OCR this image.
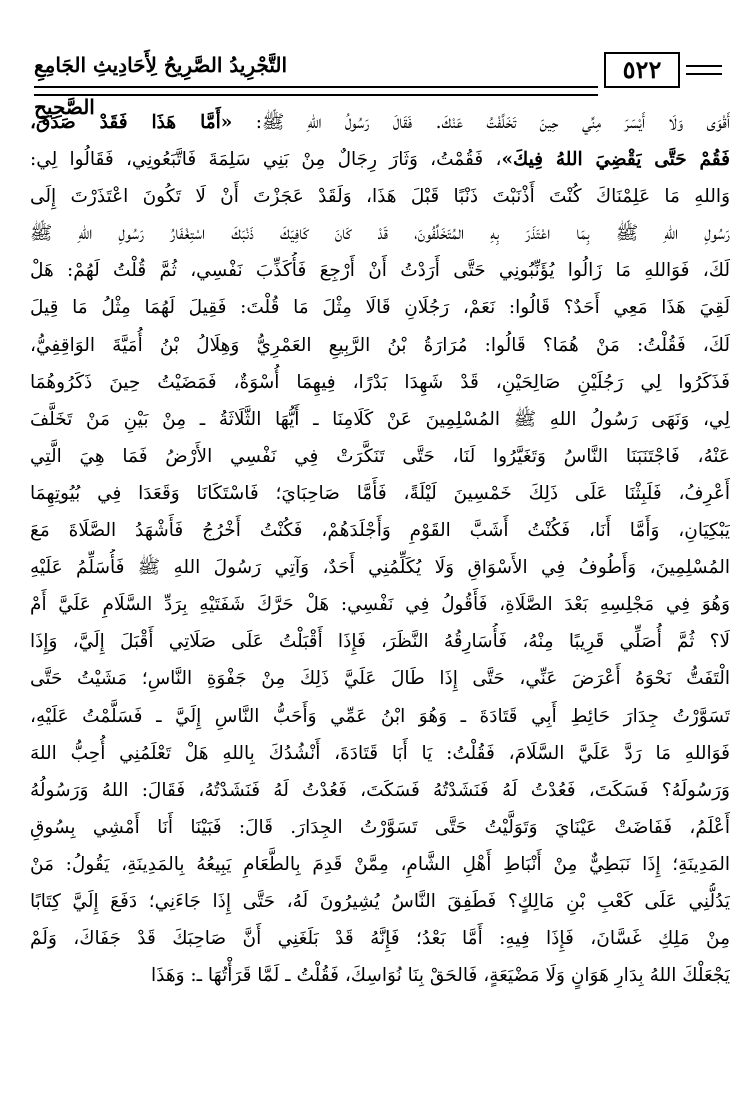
التَّجْرِيدُ الصَّرِيحُ لِأَحَادِيثِ الجَامِعِ الصَّحِيحِ
٥٢٢
أَقْوَى وَلَا أَيْسَرَ مِنِّي حِينَ تَخَلَّفْتُ عَنْكَ. فَقَالَ رَسُولُ اللهِ ﷺ: «أَمَّا هَذَا فَقَدْ صَدَقَ،
فَقُمْ حَتَّى يَقْضِيَ اللهُ فِيكَ»، فَقُمْتُ، وَثَارَ رِجَالٌ مِنْ بَنِي سَلِمَةَ فَاتَّبَعُونِي، فَقَالُوا لِي:
وَاللهِ مَا عَلِمْنَاكَ كُنْتَ أَذْنَبْتَ ذَنْبًا قَبْلَ هَذَا، وَلَقَدْ عَجَزْتَ أَنْ لَا تَكُونَ اعْتَذَرْتَ إِلَى
رَسُولِ اللهِ ﷺ بِمَا اعْتَذَرَ بِهِ المُتَخَلِّفُونَ، قَدْ كَانَ كَافِيَكَ ذَنْبَكَ اسْتِغْفَارُ رَسُولِ اللهِ ﷺ
لَكَ، فَوَاللهِ مَا زَالُوا يُؤَنِّبُونِي حَتَّى أَرَدْتُ أَنْ أَرْجِعَ فَأُكَذِّبَ نَفْسِي، ثُمَّ قُلْتُ لَهُمْ: هَلْ
لَقِيَ هَذَا مَعِي أَحَدٌ؟ قَالُوا: نَعَمْ، رَجُلَانِ قَالَا مِثْلَ مَا قُلْتَ: فَقِيلَ لَهُمَا مِثْلُ مَا قِيلَ
لَكَ، فَقُلْتُ: مَنْ هُمَا؟ قَالُوا: مُرَارَةُ بْنُ الرَّبِيعِ العَمْرِيُّ وَهِلَالُ بْنُ أُمَيَّةَ الوَاقِفِيُّ،
فَذَكَرُوا لِي رَجُلَيْنِ صَالِحَيْنِ، قَدْ شَهِدَا بَدْرًا، فِيهِمَا أُسْوَةٌ، فَمَضَيْتُ حِينَ ذَكَرُوهُمَا
لِي، وَنَهَى رَسُولُ اللهِ ﷺ المُسْلِمِينَ عَنْ كَلَامِنَا ـ أَيُّهَا الثَّلَاثَةُ ـ مِنْ بَيْنِ مَنْ تَخَلَّفَ
عَنْهُ، فَاجْتَنَبَنَا النَّاسُ وَتَغَيَّرُوا لَنَا، حَتَّى تَنَكَّرَتْ فِي نَفْسِي الأَرْضُ فَمَا هِيَ الَّتِي
أَعْرِفُ، فَلَبِثْنَا عَلَى ذَلِكَ خَمْسِينَ لَيْلَةً، فَأَمَّا صَاحِبَايَ؛ فَاسْتَكَانَا وَقَعَدَا فِي بُيُوتِهِمَا
يَبْكِيَانِ، وَأَمَّا أَنَا، فَكُنْتُ أَشَبَّ القَوْمِ وَأَجْلَدَهُمْ، فَكُنْتُ أَخْرُجُ فَأَشْهَدُ الصَّلَاةَ مَعَ
المُسْلِمِينَ، وَأَطُوفُ فِي الأَسْوَاقِ وَلَا يُكَلِّمُنِي أَحَدٌ، وَآتِي رَسُولَ اللهِ ﷺ فَأُسَلِّمُ عَلَيْهِ
وَهُوَ فِي مَجْلِسِهِ بَعْدَ الصَّلَاةِ، فَأَقُولُ فِي نَفْسِي: هَلْ حَرَّكَ شَفَتَيْهِ بِرَدِّ السَّلَامِ عَلَيَّ أَمْ
لَا؟ ثُمَّ أُصَلِّي قَرِيبًا مِنْهُ، فَأُسَارِقُهُ النَّظَرَ، فَإِذَا أَقْبَلْتُ عَلَى صَلَاتِي أَقْبَلَ إِلَيَّ، وَإِذَا
الْتَفَتُّ نَحْوَهُ أَعْرَضَ عَنِّي، حَتَّى إِذَا طَالَ عَلَيَّ ذَلِكَ مِنْ جَفْوَةِ النَّاسِ؛ مَشَيْتُ حَتَّى
تَسَوَّرْتُ جِدَارَ حَائِطِ أَبِي قَتَادَةَ ـ وَهُوَ ابْنُ عَمِّي وَأَحَبُّ النَّاسِ إِلَيَّ ـ فَسَلَّمْتُ عَلَيْهِ،
فَوَاللهِ مَا رَدَّ عَلَيَّ السَّلَامَ، فَقُلْتُ: يَا أَبَا قَتَادَةَ، أَنْشُدُكَ بِاللهِ هَلْ تَعْلَمُنِي أُحِبُّ اللهَ
وَرَسُولَهُ؟ فَسَكَتَ، فَعُدْتُ لَهُ فَنَشَدْتُهُ فَسَكَتَ، فَعُدْتُ لَهُ فَنَشَدْتُهُ، فَقَالَ: اللهُ وَرَسُولُهُ
أَعْلَمُ، فَفَاضَتْ عَيْنَايَ وَتَوَلَّيْتُ حَتَّى تَسَوَّرْتُ الجِدَارَ. قَالَ: فَبَيْنَا أَنَا أَمْشِي بِسُوقِ
المَدِينَةِ؛ إِذَا نَبَطِيٌّ مِنْ أَنْبَاطِ أَهْلِ الشَّامِ، مِمَّنْ قَدِمَ بِالطَّعَامِ يَبِيعُهُ بِالمَدِينَةِ، يَقُولُ: مَنْ
يَدُلُّنِي عَلَى كَعْبِ بْنِ مَالِكٍ؟ فَطَفِقَ النَّاسُ يُشِيرُونَ لَهُ، حَتَّى إِذَا جَاءَنِي؛ دَفَعَ إِلَيَّ كِتَابًا
مِنْ مَلِكِ غَسَّانَ، فَإِذَا فِيهِ: أَمَّا بَعْدُ؛ فَإِنَّهُ قَدْ بَلَغَنِي أَنَّ صَاحِبَكَ قَدْ جَفَاكَ، وَلَمْ
يَجْعَلْكَ اللهُ بِدَارِ هَوَانٍ وَلَا مَضْيَعَةٍ، فَالحَقْ بِنَا نُوَاسِكَ، فَقُلْتُ ـ لَمَّا قَرَأْتُهَا ـ: وَهَذَا
